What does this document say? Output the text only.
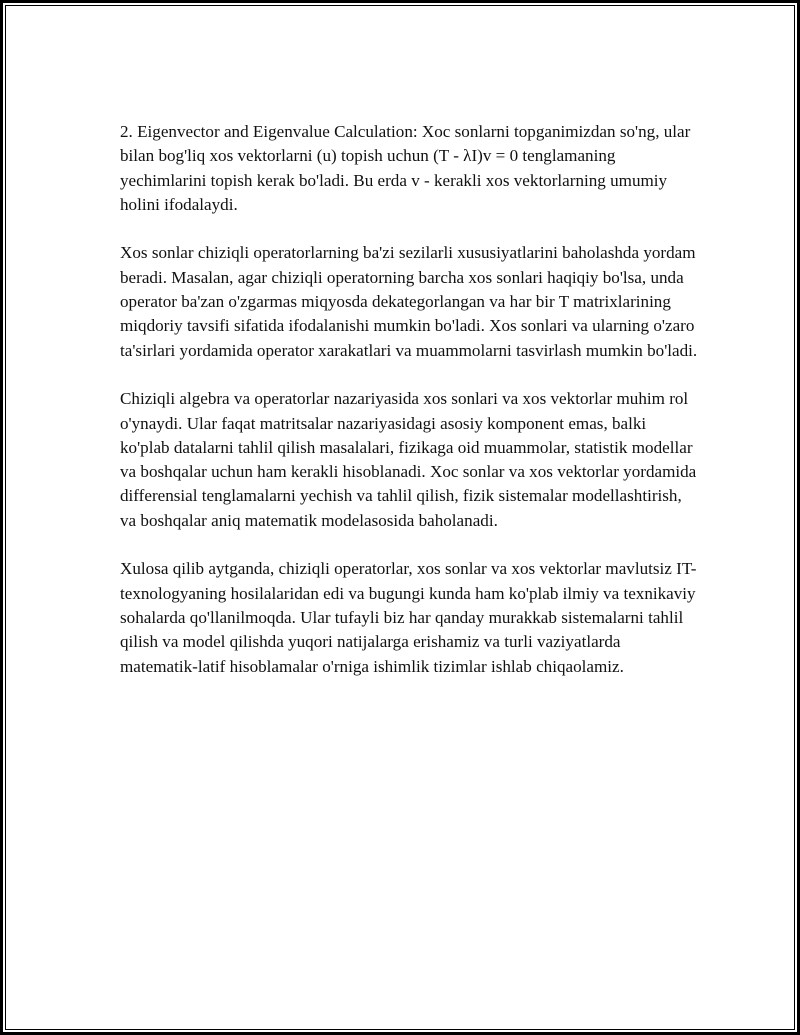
2. Eigenvector and Eigenvalue Calculation: Xoc sonlarni topganimizdan so'ng, ular bilan bog'liq xos vektorlarni (u) topish uchun (T - λI)v = 0 tenglamaning yechimlarini topish kerak bo'ladi. Bu erda v - kerakli xos vektorlarning umumiy holini ifodalaydi.

Xos sonlar chiziqli operatorlarning ba'zi sezilarli xususiyatlarini baholashda yordam beradi. Masalan, agar chiziqli operatorning barcha xos sonlari haqiqiy bo'lsa, unda operator ba'zan o'zgarmas miqyosda dekategorlangan va har bir T matrixlarining miqdoriy tavsifi sifatida ifodalanishi mumkin bo'ladi. Xos sonlari va ularning o'zaro ta'sirlari yordamida operator xarakatlari va muammolarni tasvirlash mumkin bo'ladi.

Chiziqli algebra va operatorlar nazariyasida xos sonlari va xos vektorlar muhim rol o'ynaydi. Ular faqat matritsalar nazariyasidagi asosiy komponent emas, balki ko'plab datalarni tahlil qilish masalalari, fizikaga oid muammolar, statistik modellar va boshqalar uchun ham kerakli hisoblanadi. Xoc sonlar va xos vektorlar yordamida differensial tenglamalarni yechish va tahlil qilish, fizik sistemalar modellashtirish, va boshqalar aniq matematik modelasosida baholanadi.

Xulosa qilib aytganda, chiziqli operatorlar, xos sonlar va xos vektorlar mavlutsiz IT-texnologyaning hosilalaridan edi va bugungi kunda ham ko'plab ilmiy va texnikaviy sohalarda qo'llanilmoqda. Ular tufayli biz har qanday murakkab sistemalarni tahlil qilish va model qilishda yuqori natijalarga erishamiz va turli vaziyatlarda matematik-latif hisoblamalar o'rniga ishimlik tizimlar ishlab chiqaolamiz.
